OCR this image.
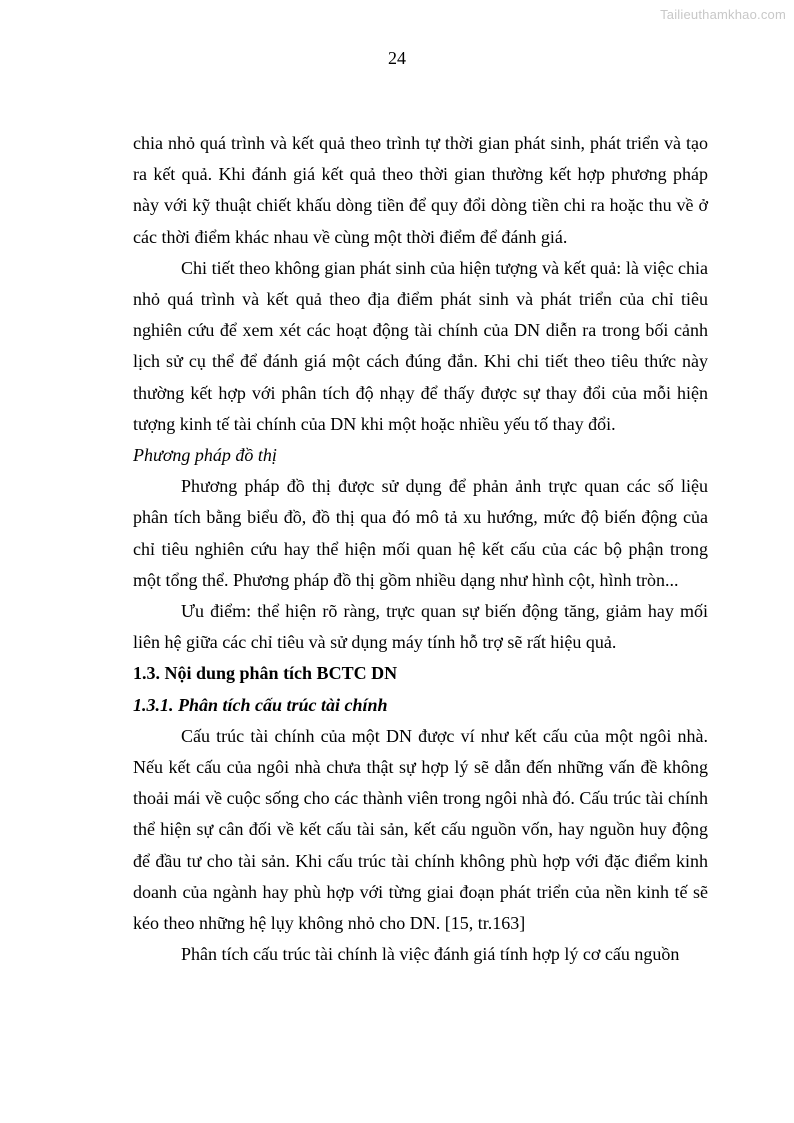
Tailieuthamkhao.com
24

chia nhỏ quá trình và kết quả theo trình tự thời gian phát sinh, phát triển và tạo ra kết quả. Khi đánh giá kết quả theo thời gian thường kết hợp phương pháp này với kỹ thuật chiết khấu dòng tiền để quy đổi dòng tiền chi ra hoặc thu về ở các thời điểm khác nhau về cùng một thời điểm để đánh giá.

Chi tiết theo không gian phát sinh của hiện tượng và kết quả: là việc chia nhỏ quá trình và kết quả theo địa điểm phát sinh và phát triển của chỉ tiêu nghiên cứu để xem xét các hoạt động tài chính của DN diễn ra trong bối cảnh lịch sử cụ thể để đánh giá một cách đúng đắn. Khi chi tiết theo tiêu thức này thường kết hợp với phân tích độ nhạy để thấy được sự thay đổi của mỗi hiện tượng kinh tế tài chính của DN khi một hoặc nhiều yếu tố thay đổi.

Phương pháp đồ thị

Phương pháp đồ thị được sử dụng để phản ảnh trực quan các số liệu phân tích bằng biểu đồ, đồ thị qua đó mô tả xu hướng, mức độ biến động của chỉ tiêu nghiên cứu hay thể hiện mối quan hệ kết cấu của các bộ phận trong một tổng thể. Phương pháp đồ thị gồm nhiều dạng như hình cột, hình tròn...

Ưu điểm: thể hiện rõ ràng, trực quan sự biến động tăng, giảm hay mối liên hệ giữa các chỉ tiêu và sử dụng máy tính hỗ trợ sẽ rất hiệu quả.

1.3. Nội dung phân tích BCTC DN

1.3.1. Phân tích cấu trúc tài chính

Cấu trúc tài chính của một DN được ví như kết cấu của một ngôi nhà. Nếu kết cấu của ngôi nhà chưa thật sự hợp lý sẽ dẫn đến những vấn đề không thoải mái về cuộc sống cho các thành viên trong ngôi nhà đó. Cấu trúc tài chính thể hiện sự cân đối về kết cấu tài sản, kết cấu nguồn vốn, hay nguồn huy động để đầu tư cho tài sản. Khi cấu trúc tài chính không phù hợp với đặc điểm kinh doanh của ngành hay phù hợp với từng giai đoạn phát triển của nền kinh tế sẽ kéo theo những hệ lụy không nhỏ cho DN. [15, tr.163]

Phân tích cấu trúc tài chính là việc đánh giá tính hợp lý cơ cấu nguồn
